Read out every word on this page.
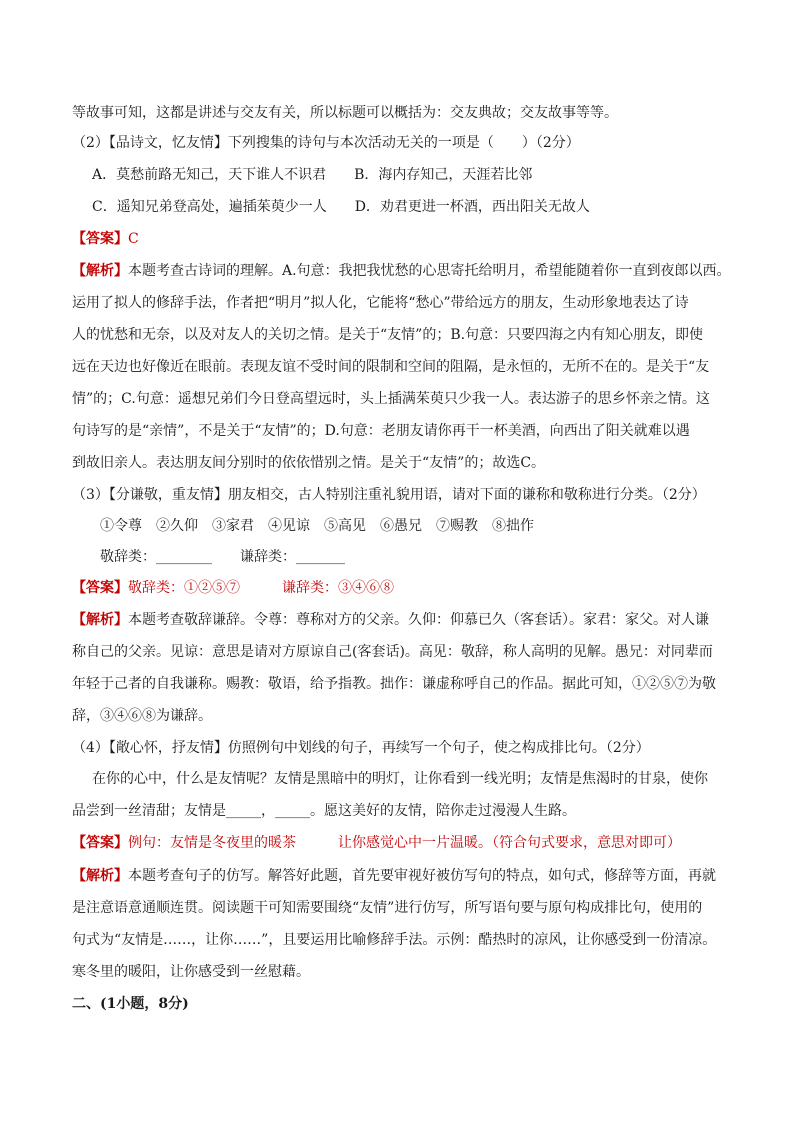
等故事可知，这都是讲述与交友有关，所以标题可以概括为：交友典故；交友故事等等。
（2）【品诗文，忆友情】下列搜集的诗句与本次活动无关的一项是（　　）（2分）
A．莫愁前路无知己，天下谁人不识君　　B．海内存知己，天涯若比邻
C．遥知兄弟登高处，遍插茱萸少一人　　D．劝君更进一杯酒，西出阳关无故人
【答案】C
【解析】本题考查古诗词的理解。A.句意：我把我忧愁的心思寄托给明月，希望能随着你一直到夜郎以西。
运用了拟人的修辞手法，作者把“明月”拟人化，它能将“愁心”带给远方的朋友，生动形象地表达了诗
人的忧愁和无奈，以及对友人的关切之情。是关于“友情”的；B.句意：只要四海之内有知心朋友，即使
远在天边也好像近在眼前。表现友谊不受时间的限制和空间的阻隔，是永恒的，无所不在的。是关于“友
情”的；C.句意：遥想兄弟们今日登高望远时，头上插满茱萸只少我一人。表达游子的思乡怀亲之情。这
句诗写的是“亲情”，不是关于“友情”的；D.句意：老朋友请你再干一杯美酒，向西出了阳关就难以遇
到故旧亲人。表达朋友间分别时的依依惜别之情。是关于“友情”的；故选C。
（3）【分谦敬，重友情】朋友相交，古人特别注重礼貌用语，请对下面的谦称和敬称进行分类。（2分）
①令尊　②久仰　③家君　④见谅　⑤高见　⑥愚兄　⑦赐教　⑧拙作
敬辞类：________　　谦辞类：_______
【答案】敬辞类：①②⑤⑦　　　谦辞类：③④⑥⑧
【解析】本题考查敬辞谦辞。令尊：尊称对方的父亲。久仰：仰慕已久（客套话）。家君：家父。对人谦
称自己的父亲。见谅：意思是请对方原谅自己(客套话)。高见：敬辞，称人高明的见解。愚兄：对同辈而
年轻于己者的自我谦称。赐教：敬语，给予指教。拙作：谦虚称呼自己的作品。据此可知，①②⑤⑦为敬
辞，③④⑥⑧为谦辞。
（4）【敞心怀，抒友情】仿照例句中划线的句子，再续写一个句子，使之构成排比句。（2分）
在你的心中，什么是友情呢？友情是黑暗中的明灯，让你看到一线光明；友情是焦渴时的甘泉，使你
品尝到一丝清甜；友情是_____，_____。愿这美好的友情，陪你走过漫漫人生路。
【答案】例句：友情是冬夜里的暖茶　　　让你感觉心中一片温暖。（符合句式要求，意思对即可）
【解析】本题考查句子的仿写。解答好此题，首先要审视好被仿写句的特点，如句式，修辞等方面，再就
是注意语意通顺连贯。阅读题干可知需要围绕“友情”进行仿写，所写语句要与原句构成排比句，使用的
句式为“友情是……，让你……”，且要运用比喻修辞手法。示例：酷热时的凉风，让你感受到一份清凉。
寒冬里的暖阳，让你感受到一丝慰藉。
二、(1小题，8分)
